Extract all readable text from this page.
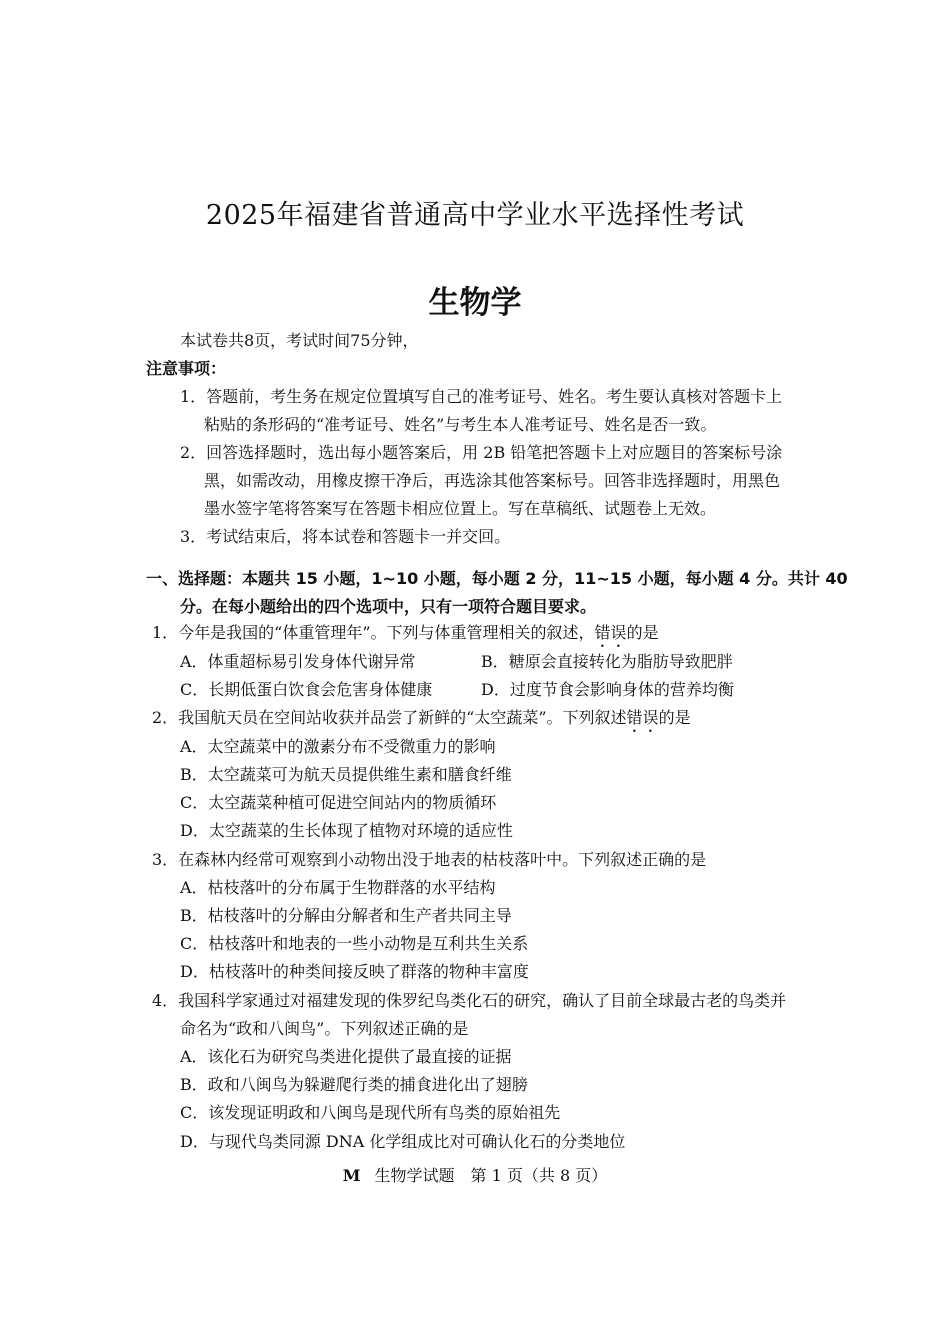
2025年福建省普通高中学业水平选择性考试
生物学
本试卷共8页，考试时间75分钟，
注意事项：
1．答题前，考生务在规定位置填写自己的准考证号、姓名。考生要认真核对答题卡上
粘贴的条形码的“准考证号、姓名”与考生本人准考证号、姓名是否一致。
2．回答选择题时，选出每小题答案后，用 2B 铅笔把答题卡上对应题目的答案标号涂
黑，如需改动，用橡皮擦干净后，再选涂其他答案标号。回答非选择题时，用黑色
墨水签字笔将答案写在答题卡相应位置上。写在草稿纸、试题卷上无效。
3．考试结束后，将本试卷和答题卡一并交回。
一、选择题：本题共 15 小题，1~10 小题，每小题 2 分，11~15 小题，每小题 4 分。共计 40
分。在每小题给出的四个选项中，只有一项符合题目要求。
1．今年是我国的“体重管理年”。下列与体重管理相关的叙述，错误的是
A．体重超标易引发身体代谢异常	B．糖原会直接转化为脂肪导致肥胖
C．长期低蛋白饮食会危害身体健康	D．过度节食会影响身体的营养均衡
2．我国航天员在空间站收获并品尝了新鲜的“太空蔬菜”。下列叙述错误的是
A．太空蔬菜中的激素分布不受微重力的影响
B．太空蔬菜可为航天员提供维生素和膳食纤维
C．太空蔬菜种植可促进空间站内的物质循环
D．太空蔬菜的生长体现了植物对环境的适应性
3．在森林内经常可观察到小动物出没于地表的枯枝落叶中。下列叙述正确的是
A．枯枝落叶的分布属于生物群落的水平结构
B．枯枝落叶的分解由分解者和生产者共同主导
C．枯枝落叶和地表的一些小动物是互利共生关系
D．枯枝落叶的种类间接反映了群落的物种丰富度
4．我国科学家通过对福建发现的侏罗纪鸟类化石的研究，确认了目前全球最古老的鸟类并
命名为“政和八闽鸟”。下列叙述正确的是
A．该化石为研究鸟类进化提供了最直接的证据
B．政和八闽鸟为躲避爬行类的捕食进化出了翅膀
C．该发现证明政和八闽鸟是现代所有鸟类的原始祖先
D．与现代鸟类同源 DNA 化学组成比对可确认化石的分类地位
M 生物学试题　第 1 页（共 8 页）
